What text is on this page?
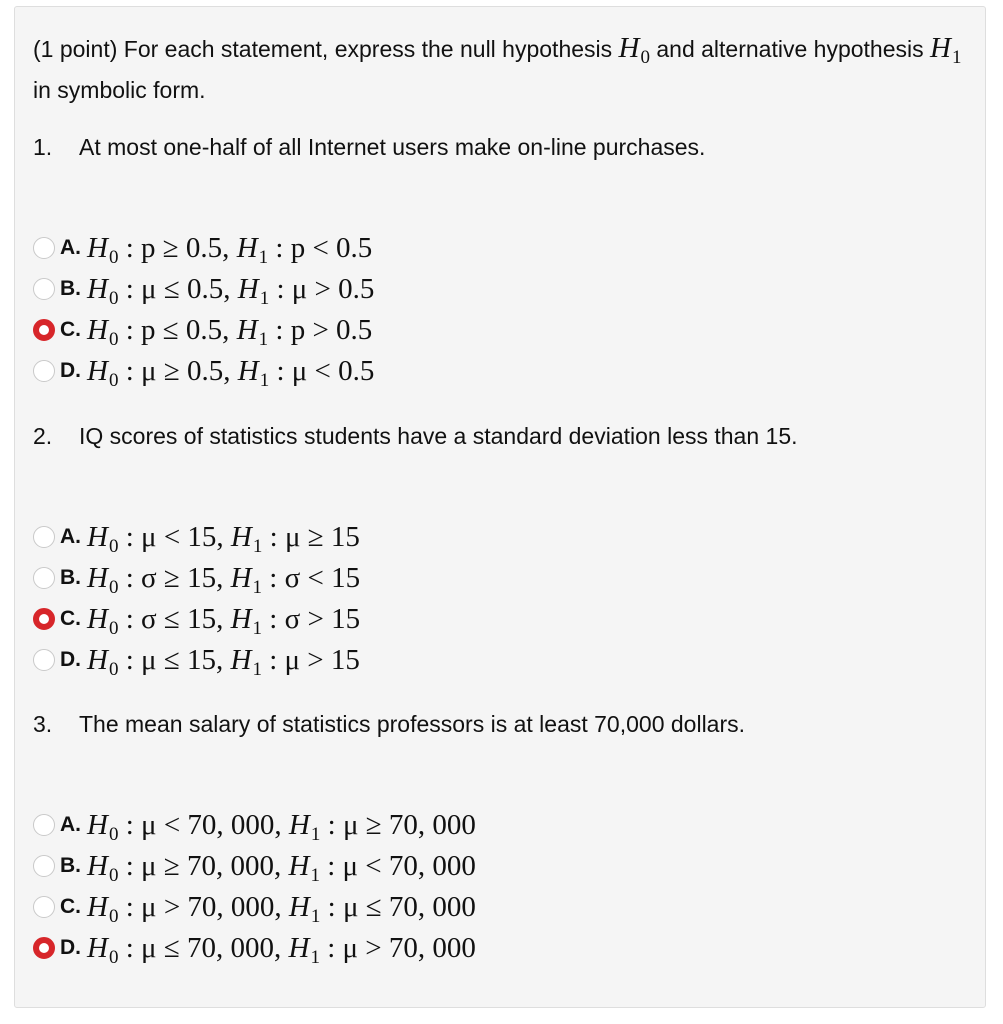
(1 point) For each statement, express the null hypothesis $H_0$ and alternative hypothesis $H_1$ in symbolic form.
1. At most one-half of all Internet users make on-line purchases.
A. $H_0$ : p ≥ 0.5, $H_1$ : p < 0.5
B. $H_0$ : μ ≤ 0.5, $H_1$ : μ > 0.5
C. $H_0$ : p ≤ 0.5, $H_1$ : p > 0.5
D. $H_0$ : μ ≥ 0.5, $H_1$ : μ < 0.5
2. IQ scores of statistics students have a standard deviation less than 15.
A. $H_0$ : μ < 15, $H_1$ : μ ≥ 15
B. $H_0$ : σ ≥ 15, $H_1$ : σ < 15
C. $H_0$ : σ ≤ 15, $H_1$ : σ > 15
D. $H_0$ : μ ≤ 15, $H_1$ : μ > 15
3. The mean salary of statistics professors is at least 70,000 dollars.
A. $H_0$ : μ < 70, 000, $H_1$ : μ ≥ 70, 000
B. $H_0$ : μ ≥ 70, 000, $H_1$ : μ < 70, 000
C. $H_0$ : μ > 70, 000, $H_1$ : μ ≤ 70, 000
D. $H_0$ : μ ≤ 70, 000, $H_1$ : μ > 70, 000
